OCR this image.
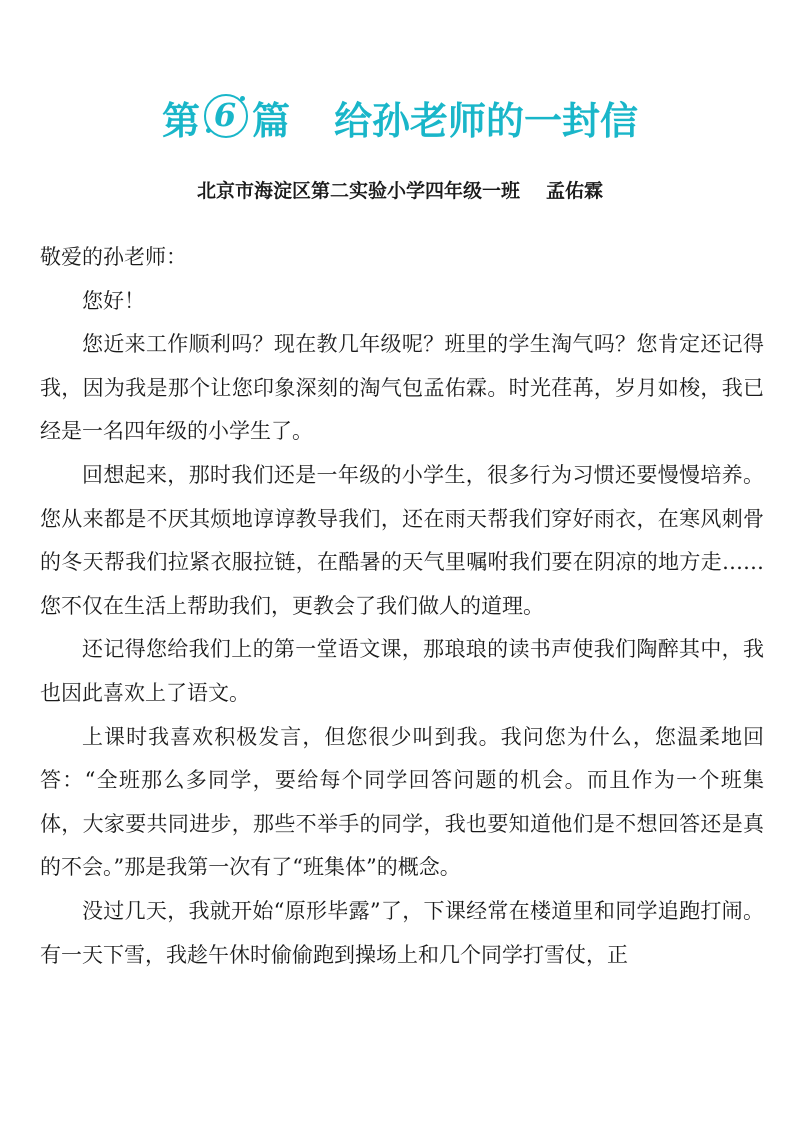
第 6 篇 给孙老师的一封信
北京市海淀区第二实验小学四年级一班 孟佑霖

敬爱的孙老师：

您好！

您近来工作顺利吗？现在教几年级呢？班里的学生淘气吗？您肯定还记得我，因为我是那个让您印象深刻的淘气包孟佑霖。时光荏苒，岁月如梭，我已经是一名四年级的小学生了。

回想起来，那时我们还是一年级的小学生，很多行为习惯还要慢慢培养。您从来都是不厌其烦地谆谆教导我们，还在雨天帮我们穿好雨衣，在寒风刺骨的冬天帮我们拉紧衣服拉链，在酷暑的天气里嘱咐我们要在阴凉的地方走……您不仅在生活上帮助我们，更教会了我们做人的道理。

还记得您给我们上的第一堂语文课，那琅琅的读书声使我们陶醉其中，我也因此喜欢上了语文。

上课时我喜欢积极发言，但您很少叫到我。我问您为什么，您温柔地回答：“全班那么多同学，要给每个同学回答问题的机会。而且作为一个班集体，大家要共同进步，那些不举手的同学，我也要知道他们是不想回答还是真的不会。”那是我第一次有了“班集体”的概念。

没过几天，我就开始“原形毕露”了，下课经常在楼道里和同学追跑打闹。有一天下雪，我趁午休时偷偷跑到操场上和几个同学打雪仗，正
